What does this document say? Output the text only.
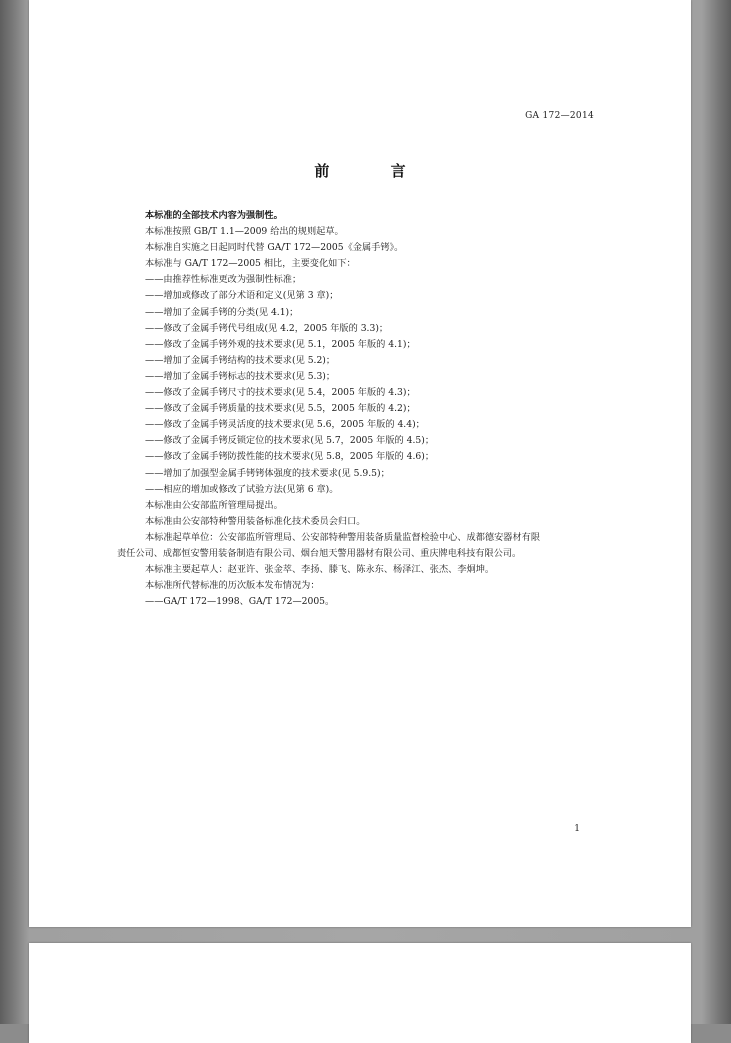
GA 172—2014
前 言
本标准的全部技术内容为强制性。
本标准按照 GB/T 1.1—2009 给出的规则起草。
本标准自实施之日起同时代替 GA/T 172—2005《金属手铐》。
本标准与 GA/T 172—2005 相比，主要变化如下：
——由推荐性标准更改为强制性标准；
——增加或修改了部分术语和定义(见第 3 章)；
——增加了金属手铐的分类(见 4.1)；
——修改了金属手铐代号组成(见 4.2，2005 年版的 3.3)；
——修改了金属手铐外观的技术要求(见 5.1，2005 年版的 4.1)；
——增加了金属手铐结构的技术要求(见 5.2)；
——增加了金属手铐标志的技术要求(见 5.3)；
——修改了金属手铐尺寸的技术要求(见 5.4，2005 年版的 4.3)；
——修改了金属手铐质量的技术要求(见 5.5，2005 年版的 4.2)；
——修改了金属手铐灵活度的技术要求(见 5.6，2005 年版的 4.4)；
——修改了金属手铐反锁定位的技术要求(见 5.7，2005 年版的 4.5)；
——修改了金属手铐防拨性能的技术要求(见 5.8，2005 年版的 4.6)；
——增加了加强型金属手铐铐体强度的技术要求(见 5.9.5)；
——相应的增加或修改了试验方法(见第 6 章)。
本标准由公安部监所管理局提出。
本标准由公安部特种警用装备标准化技术委员会归口。
本标准起草单位：公安部监所管理局、公安部特种警用装备质量监督检验中心、成都德安器材有限
责任公司、成都恒安警用装备制造有限公司、烟台旭天警用器材有限公司、重庆牌电科技有限公司。
本标准主要起草人：赵亚许、张金萃、李扬、滕飞、陈永东、杨泽江、张杰、李炯坤。
本标准所代替标准的历次版本发布情况为：
——GA/T 172—1998、GA/T 172—2005。
1
